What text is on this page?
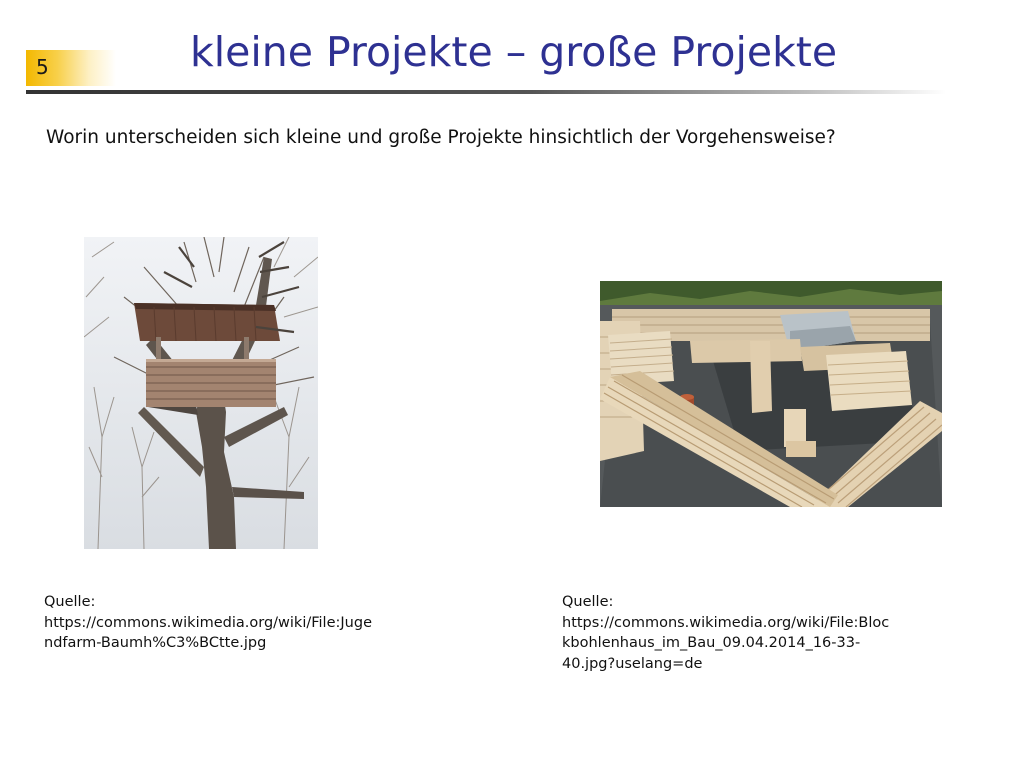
5	kleine Projekte – große Projekte
Worin unterscheiden sich kleine und große Projekte hinsichtlich der Vorgehensweise?
Quelle:
https://commons.wikimedia.org/wiki/File:Juge
ndfarm-Baumh%C3%BCtte.jpg
Quelle:
https://commons.wikimedia.org/wiki/File:Bloc
kbohlenhaus_im_Bau_09.04.2014_16-33-
40.jpg?uselang=de
